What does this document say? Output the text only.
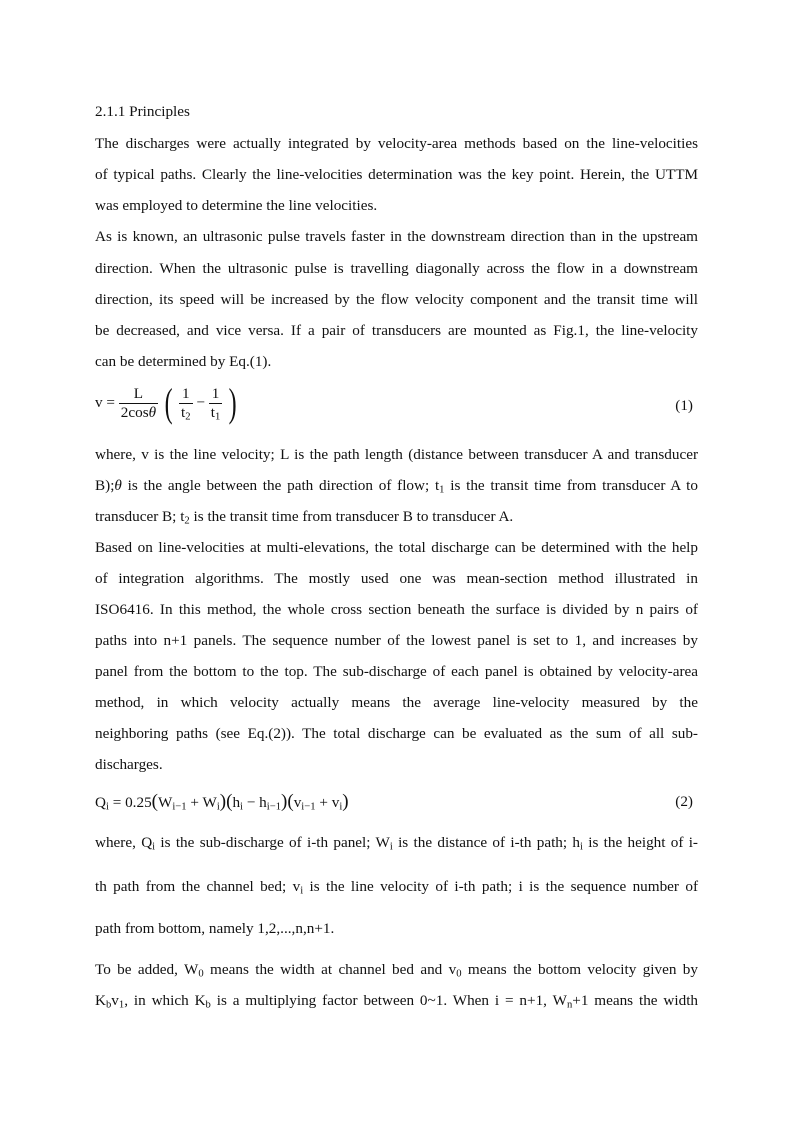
2.1.1 Principles
The discharges were actually integrated by velocity-area methods based on the line-velocities
of typical paths. Clearly the line-velocities determination was the key point. Herein, the UTTM
was employed to determine the line velocities.
As is known, an ultrasonic pulse travels faster in the downstream direction than in the upstream
direction. When the ultrasonic pulse is travelling diagonally across the flow in a downstream
direction, its speed will be increased by the flow velocity component and the transit time will
be decreased, and vice versa. If a pair of transducers are mounted as Fig.1, the line-velocity
can be determined by Eq.(1).
$v = \frac{L}{2\cos\theta}$ ( $\frac{1}{t_2} - \frac{1}{t_1}$ )	(1)
where, v is the line velocity; L is the path length (distance between transducer A and transducer
B);θ is the angle between the path direction of flow; $t_1$ is the transit time from transducer A to
transducer B; $t_2$ is the transit time from transducer B to transducer A.
Based on line-velocities at multi-elevations, the total discharge can be determined with the help
of integration algorithms. The mostly used one was mean-section method illustrated in
ISO6416. In this method, the whole cross section beneath the surface is divided by n pairs of
paths into n+1 panels. The sequence number of the lowest panel is set to 1, and increases by
panel from the bottom to the top. The sub-discharge of each panel is obtained by velocity-area
method, in which velocity actually means the average line-velocity measured by the
neighboring paths (see Eq.(2)). The total discharge can be evaluated as the sum of all sub-
discharges.
$Q_i = 0.25(W_{i-1} + W_i)(h_i - h_{i-1})(v_{i-1} + v_i)$	(2)
where, $Q_i$ is the sub-discharge of i-th panel; $W_i$ is the distance of i-th path; $h_i$ is the height of i-
th path from the channel bed; $v_i$ is the line velocity of i-th path; i is the sequence number of
path from bottom, namely 1,2,...,n,n+1.
To be added, $W_0$ means the width at channel bed and $v_0$ means the bottom velocity given by
$K_bv_1$, in which $K_b$ is a multiplying factor between 0~1. When i = n+1, $W_n+1$ means the width
